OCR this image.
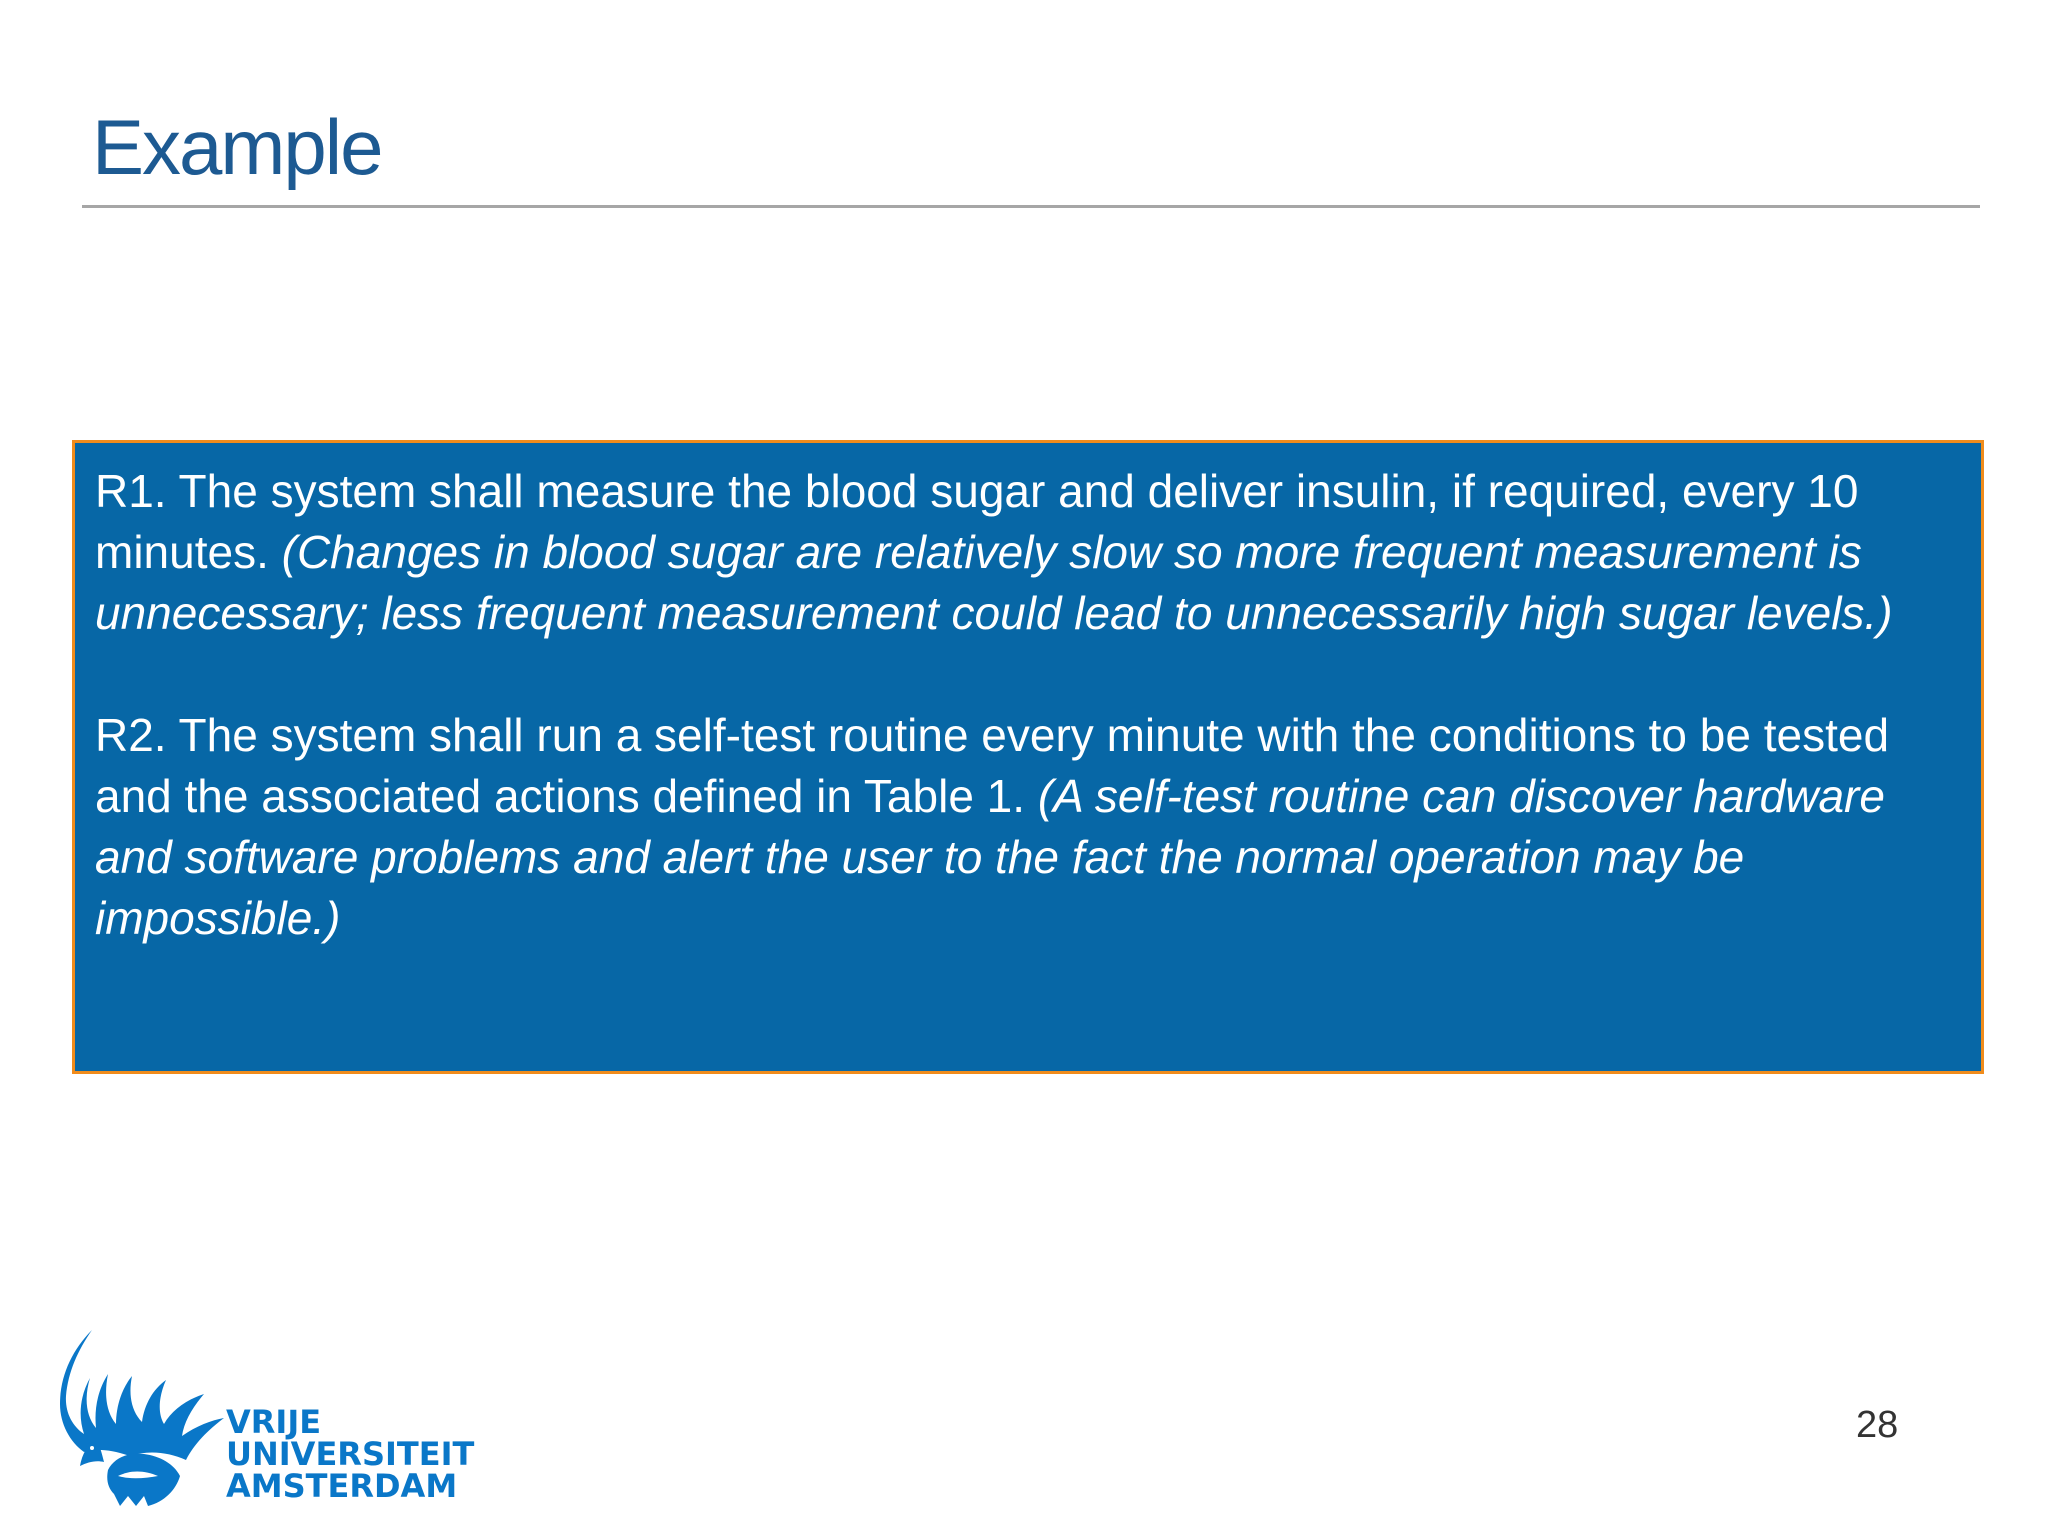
Example

R1. The system shall measure the blood sugar and deliver insulin, if required, every 10 minutes. (Changes in blood sugar are relatively slow so more frequent measurement is unnecessary; less frequent measurement could lead to unnecessarily high sugar levels.)

R2. The system shall run a self-test routine every minute with the conditions to be tested and the associated actions defined in Table 1. (A self-test routine can discover hardware and software problems and alert the user to the fact the normal operation may be impossible.)

VRIJE
UNIVERSITEIT
AMSTERDAM
28
